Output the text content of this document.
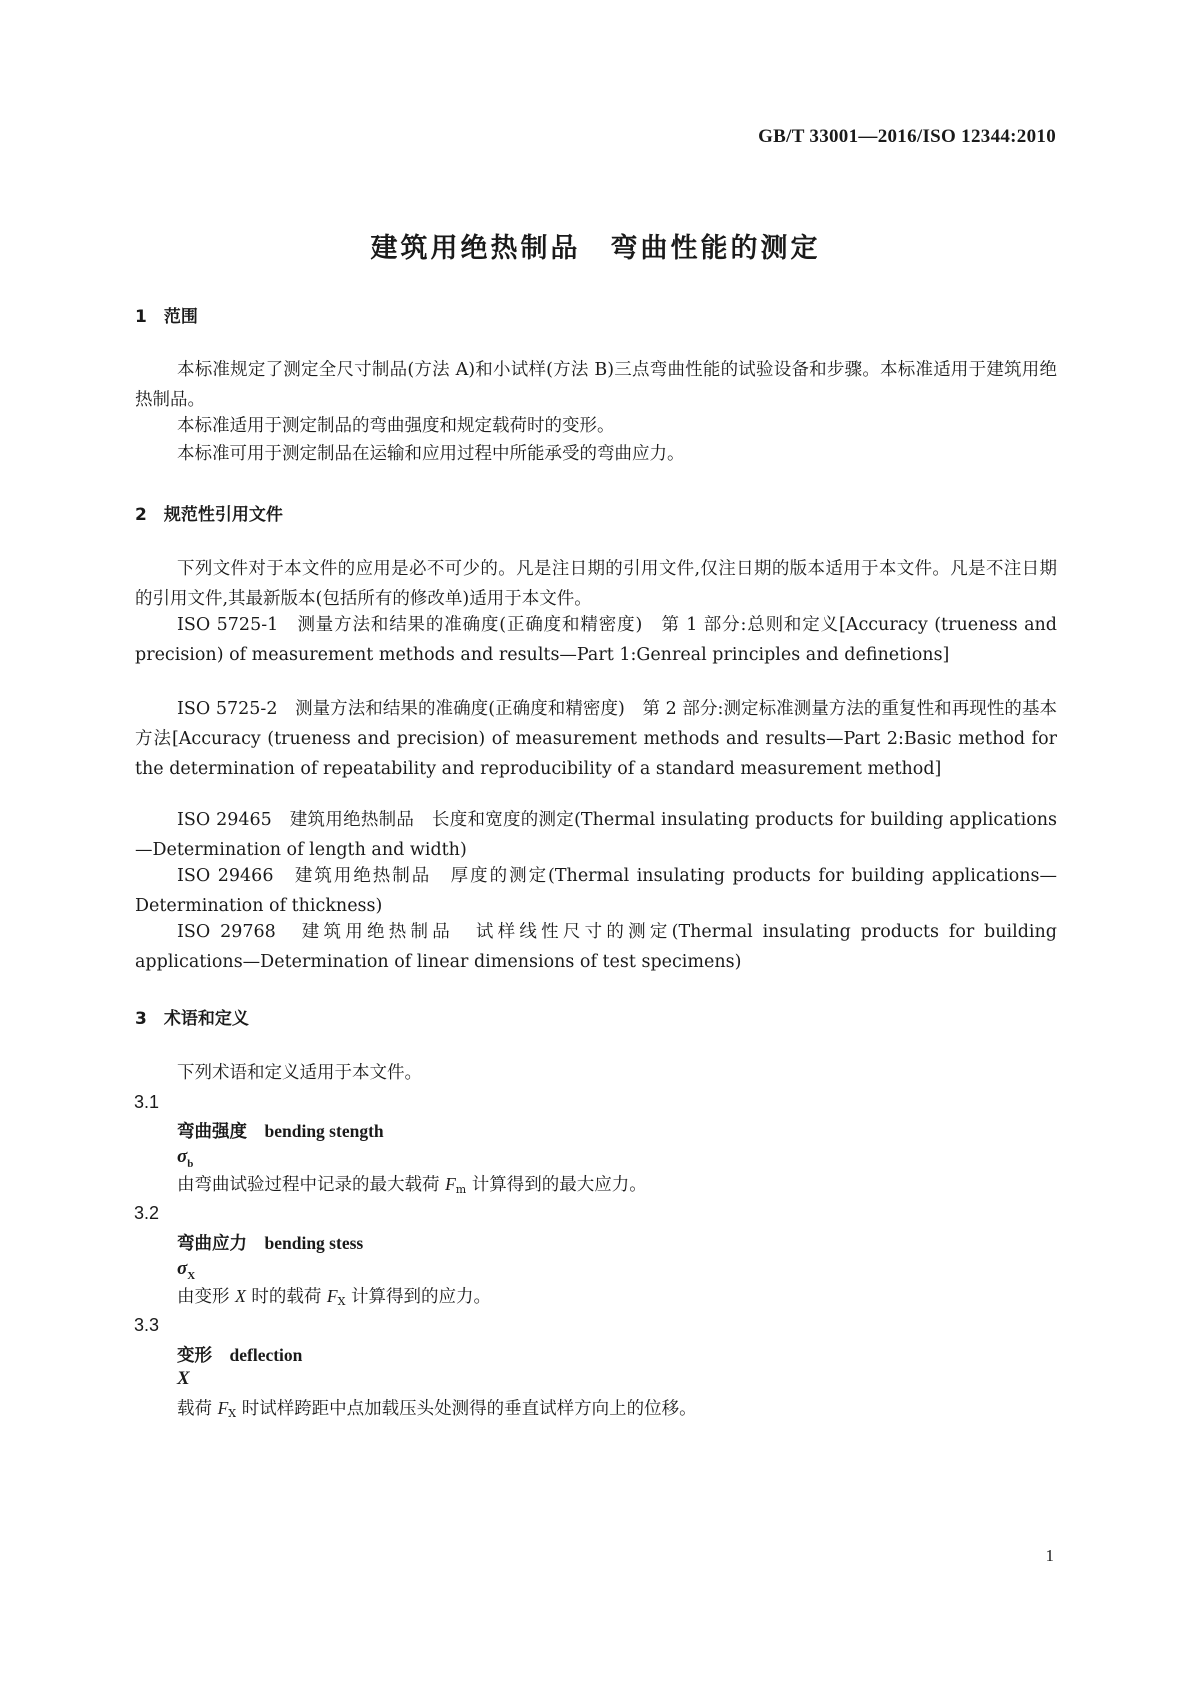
GB/T 33001—2016/ISO 12344:2010
建筑用绝热制品　弯曲性能的测定
1　范围
本标准规定了测定全尺寸制品(方法 A)和小试样(方法 B)三点弯曲性能的试验设备和步骤。本标准适用于建筑用绝热制品。
本标准适用于测定制品的弯曲强度和规定载荷时的变形。
本标准可用于测定制品在运输和应用过程中所能承受的弯曲应力。
2　规范性引用文件
下列文件对于本文件的应用是必不可少的。凡是注日期的引用文件,仅注日期的版本适用于本文件。凡是不注日期的引用文件,其最新版本(包括所有的修改单)适用于本文件。
ISO 5725-1　测量方法和结果的准确度(正确度和精密度)　第 1 部分:总则和定义[Accuracy (trueness and precision) of measurement methods and results—Part 1:Genreal principles and definetions]
ISO 5725-2　测量方法和结果的准确度(正确度和精密度)　第 2 部分:测定标准测量方法的重复性和再现性的基本方法[Accuracy (trueness and precision) of measurement methods and results—Part 2:Basic method for the determination of repeatability and reproducibility of a standard measurement method]
ISO 29465　建筑用绝热制品　长度和宽度的测定(Thermal insulating products for building applications—Determination of length and width)
ISO 29466　建筑用绝热制品　厚度的测定(Thermal insulating products for building applications—Determination of thickness)
ISO 29768　建筑用绝热制品　试样线性尺寸的测定(Thermal insulating products for building applications—Determination of linear dimensions of test specimens)
3　术语和定义
下列术语和定义适用于本文件。
3.1
弯曲强度　 bending stength
$\sigma_b$
由弯曲试验过程中记录的最大载荷 Fm 计算得到的最大应力。
3.2
弯曲应力　 bending stess
$\sigma_X$
由变形 X 时的载荷 FX 计算得到的应力。
3.3
变形　 deflection
X
载荷 FX 时试样跨距中点加载压头处测得的垂直试样方向上的位移。
1
